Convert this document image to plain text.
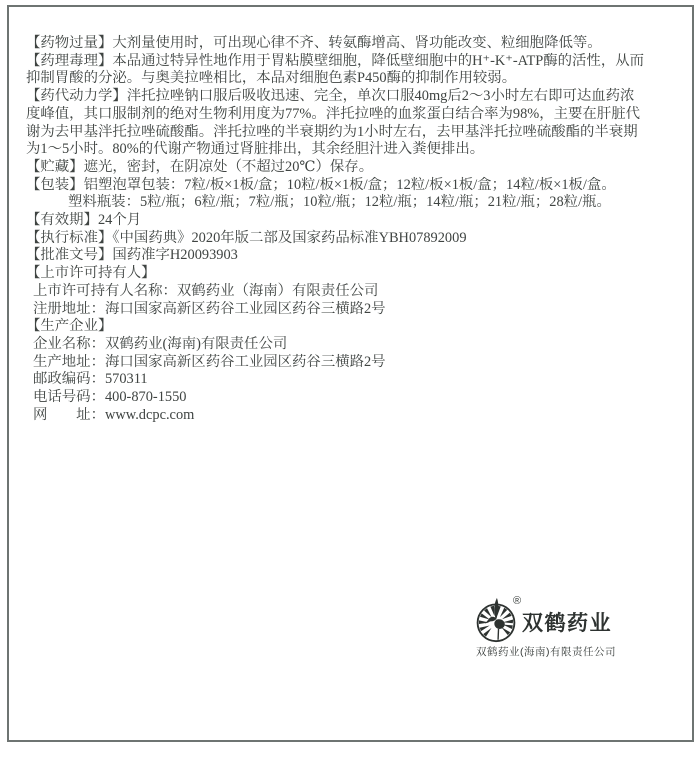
【药物过量】大剂量使用时，可出现心律不齐、转氨酶增高、肾功能改变、粒细胞降低等。
【药理毒理】本品通过特异性地作用于胃粘膜壁细胞，降低壁细胞中的H⁺-K⁺-ATP酶的活性，从而
抑制胃酸的分泌。与奥美拉唑相比，本品对细胞色素P450酶的抑制作用较弱。
【药代动力学】泮托拉唑钠口服后吸收迅速、完全，单次口服40mg后2～3小时左右即可达血药浓
度峰值，其口服制剂的绝对生物利用度为77%。泮托拉唑的血浆蛋白结合率为98%，主要在肝脏代
谢为去甲基泮托拉唑硫酸酯。泮托拉唑的半衰期约为1小时左右，去甲基泮托拉唑硫酸酯的半衰期
为1～5小时。80%的代谢产物通过肾脏排出，其余经胆汁进入粪便排出。
【贮藏】遮光，密封，在阴凉处（不超过20℃）保存。
【包装】铝塑泡罩包装：7粒/板×1板/盒；10粒/板×1板/盒；12粒/板×1板/盒；14粒/板×1板/盒。
塑料瓶装：5粒/瓶；6粒/瓶；7粒/瓶；10粒/瓶；12粒/瓶；14粒/瓶；21粒/瓶；28粒/瓶。
【有效期】24个月
【执行标准】《中国药典》2020年版二部及国家药品标准YBH07892009
【批准文号】国药准字H20093903
【上市许可持有人】
上市许可持有人名称：双鹤药业（海南）有限责任公司
注册地址：海口国家高新区药谷工业园区药谷三横路2号
【生产企业】
企业名称：双鹤药业(海南)有限责任公司
生产地址：海口国家高新区药谷工业园区药谷三横路2号
邮政编码：570311
电话号码：400-870-1550
网　　址：www.dcpc.com
®
双鹤药业
双鹤药业(海南)有限责任公司
